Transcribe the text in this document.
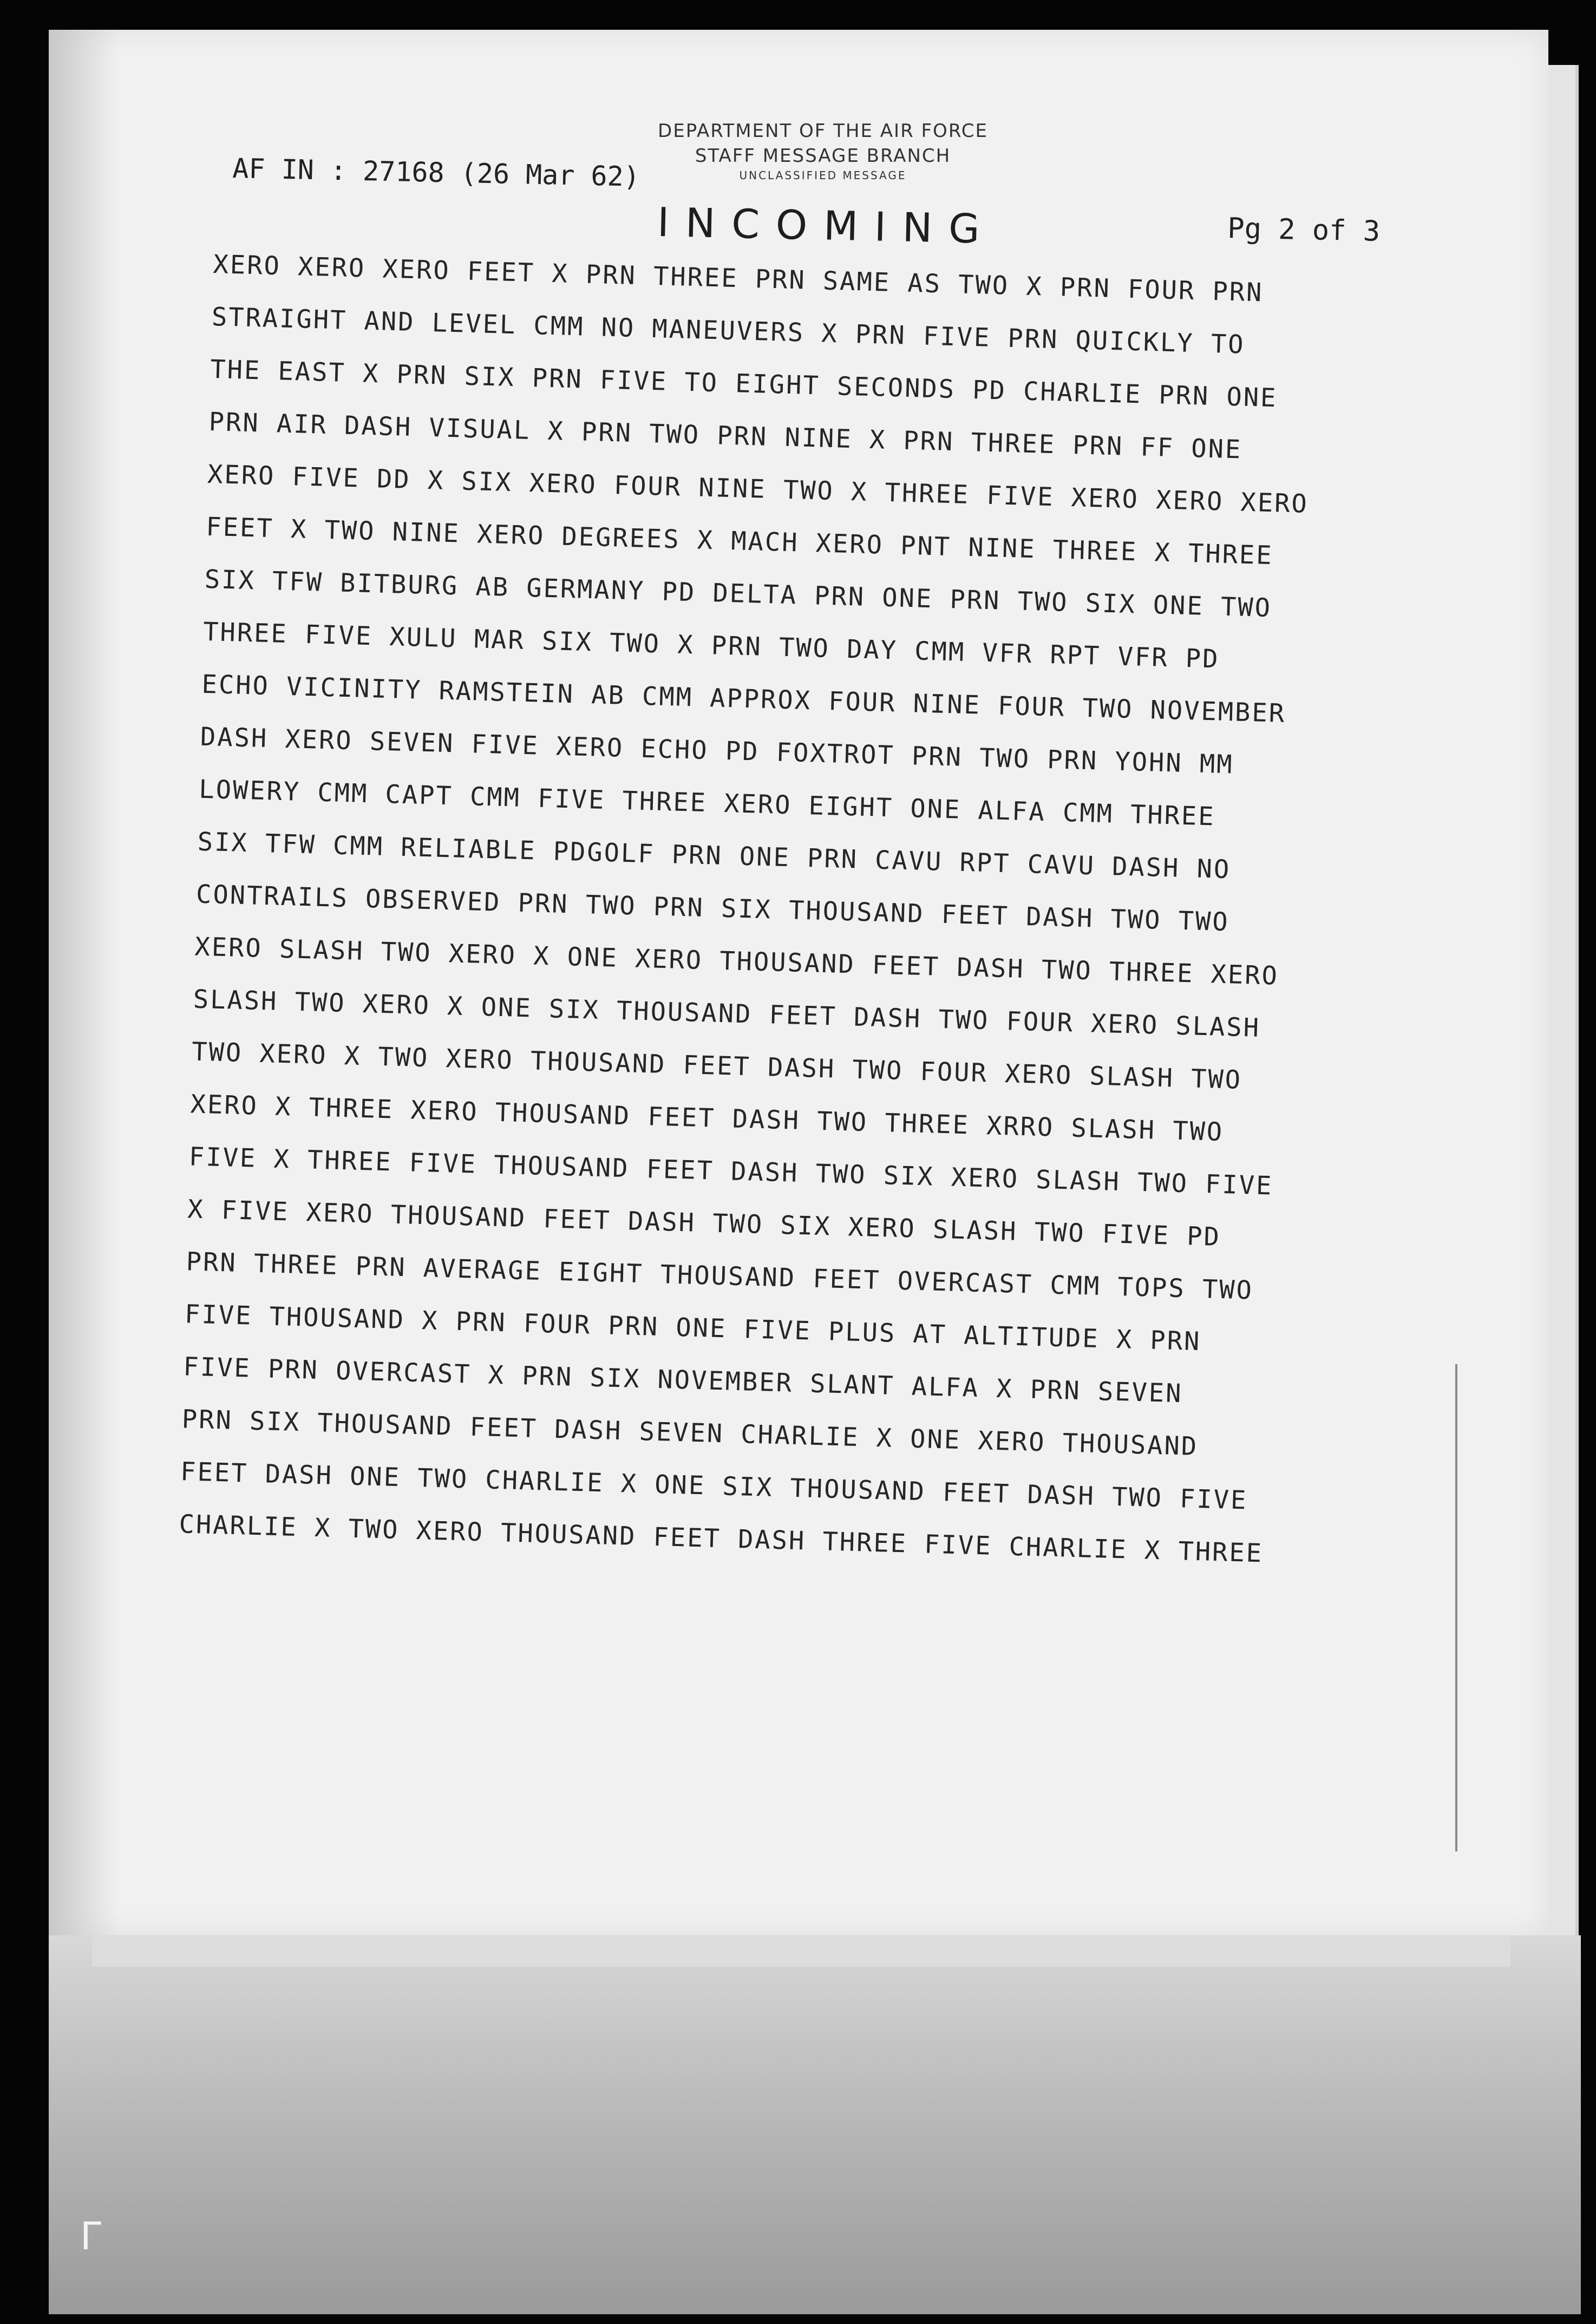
DEPARTMENT OF THE AIR FORCE
STAFF MESSAGE BRANCH
UNCLASSIFIED MESSAGE
AF IN : 27168 (26 Mar 62)
INCOMING	Pg 2 of 3
XERO XERO XERO FEET X PRN THREE PRN SAME AS TWO X PRN FOUR PRN
STRAIGHT AND LEVEL CMM NO MANEUVERS X PRN FIVE PRN QUICKLY TO
THE EAST X PRN SIX PRN FIVE TO EIGHT SECONDS PD CHARLIE PRN ONE
PRN AIR DASH VISUAL X PRN TWO PRN NINE X PRN THREE PRN FF ONE
XERO FIVE DD X SIX XERO FOUR NINE TWO X THREE FIVE XERO XERO XERO
FEET X TWO NINE XERO DEGREES X MACH XERO PNT NINE THREE X THREE
SIX TFW BITBURG AB GERMANY PD DELTA PRN ONE PRN TWO SIX ONE TWO
THREE FIVE XULU MAR SIX TWO X PRN TWO DAY CMM VFR RPT VFR PD
ECHO VICINITY RAMSTEIN AB CMM APPROX FOUR NINE FOUR TWO NOVEMBER
DASH XERO SEVEN FIVE XERO ECHO PD FOXTROT PRN TWO PRN YOHN MM
LOWERY CMM CAPT CMM FIVE THREE XERO EIGHT ONE ALFA CMM THREE
SIX TFW CMM RELIABLE PDGOLF PRN ONE PRN CAVU RPT CAVU DASH NO
CONTRAILS OBSERVED PRN TWO PRN SIX THOUSAND FEET DASH TWO TWO
XERO SLASH TWO XERO X ONE XERO THOUSAND FEET DASH TWO THREE XERO
SLASH TWO XERO X ONE SIX THOUSAND FEET DASH TWO FOUR XERO SLASH
TWO XERO X TWO XERO THOUSAND FEET DASH TWO FOUR XERO SLASH TWO
XERO X THREE XERO THOUSAND FEET DASH TWO THREE XRRO SLASH TWO
FIVE X THREE FIVE THOUSAND FEET DASH TWO SIX XERO SLASH TWO FIVE
X FIVE XERO THOUSAND FEET DASH TWO SIX XERO SLASH TWO FIVE PD
PRN THREE PRN AVERAGE EIGHT THOUSAND FEET OVERCAST CMM TOPS TWO
FIVE THOUSAND X PRN FOUR PRN ONE FIVE PLUS AT ALTITUDE X PRN
FIVE PRN OVERCAST X PRN SIX NOVEMBER SLANT ALFA X PRN SEVEN
PRN SIX THOUSAND FEET DASH SEVEN CHARLIE X ONE XERO THOUSAND
FEET DASH ONE TWO CHARLIE X ONE SIX THOUSAND FEET DASH TWO FIVE
CHARLIE X TWO XERO THOUSAND FEET DASH THREE FIVE CHARLIE X THREE
Γ
